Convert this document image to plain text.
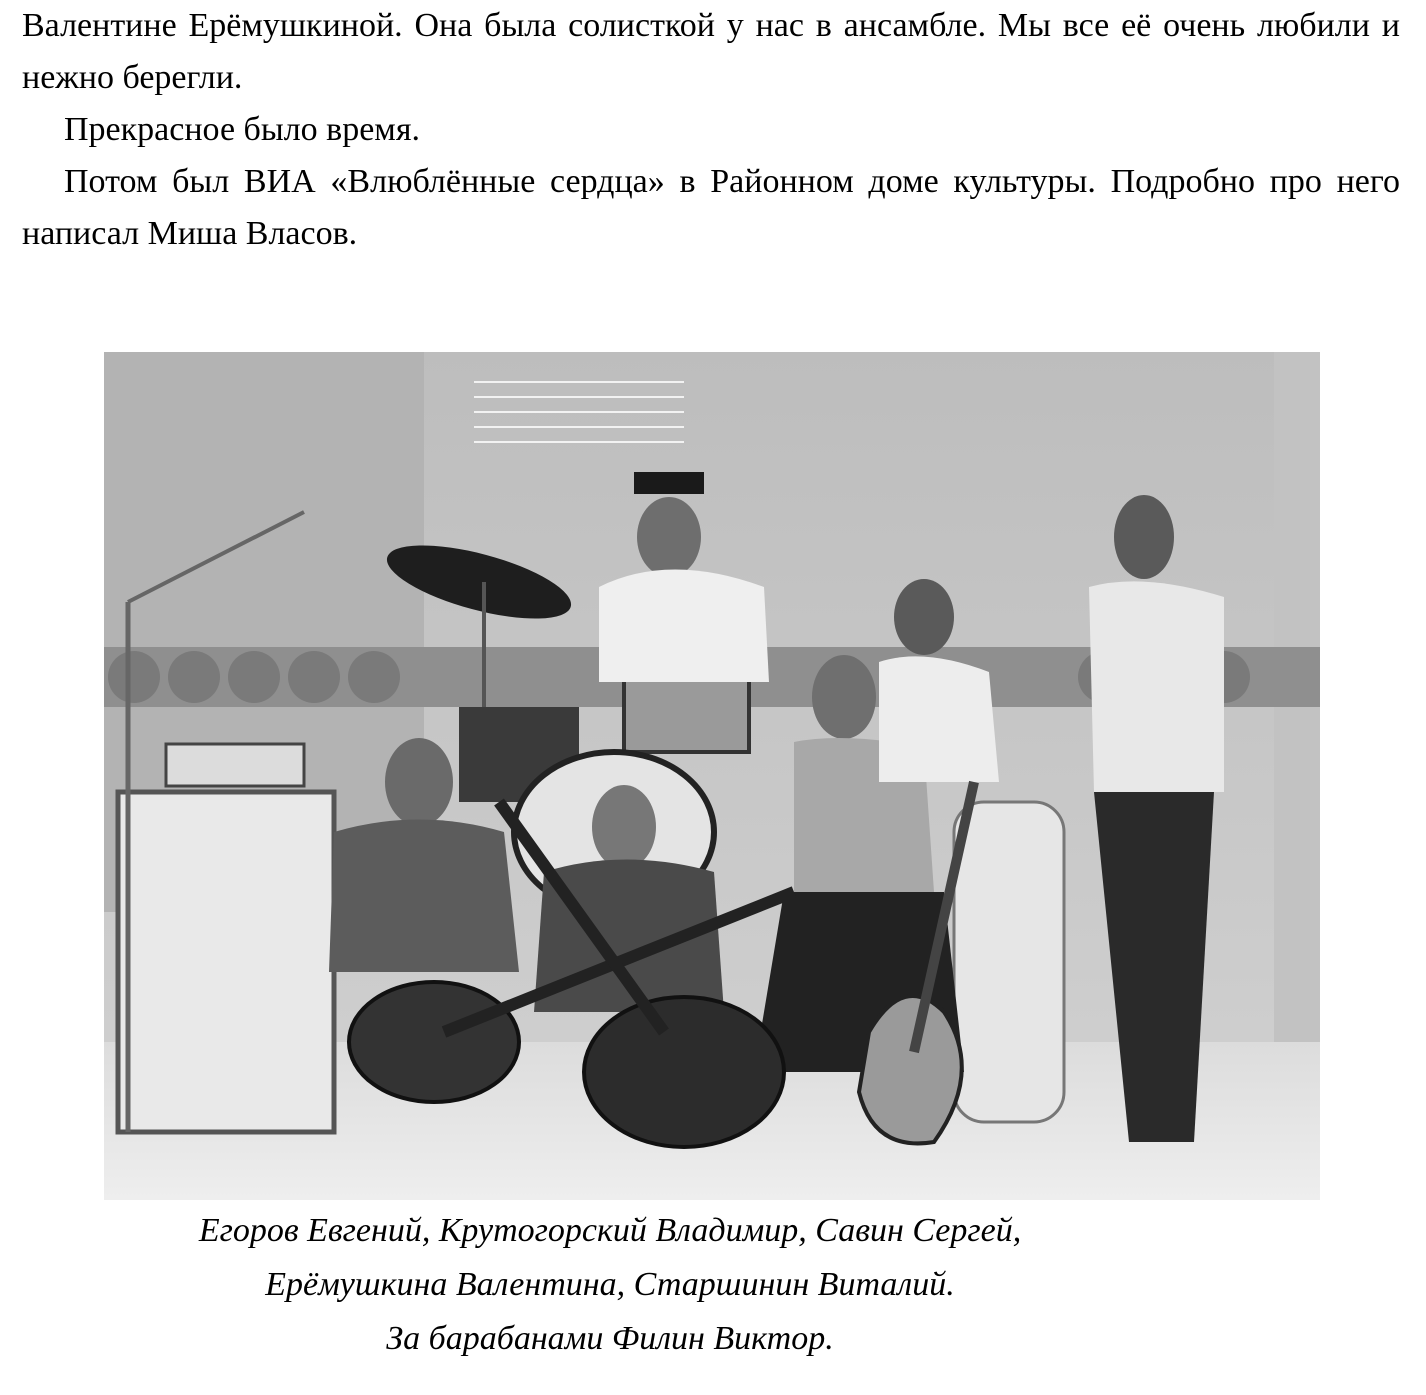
Валентине Ерёмушкиной. Она была солисткой у нас в ансамбле. Мы все её очень любили и нежно берегли.

Прекрасное было время.

Потом был ВИА «Влюблённые сердца» в Районном доме культуры. Подробно про него написал Миша Власов.

Егоров Евгений, Крутогорский Владимир, Савин Сергей,
Ерёмушкина Валентина, Старшинин Виталий.
За барабанами Филин Виктор.
